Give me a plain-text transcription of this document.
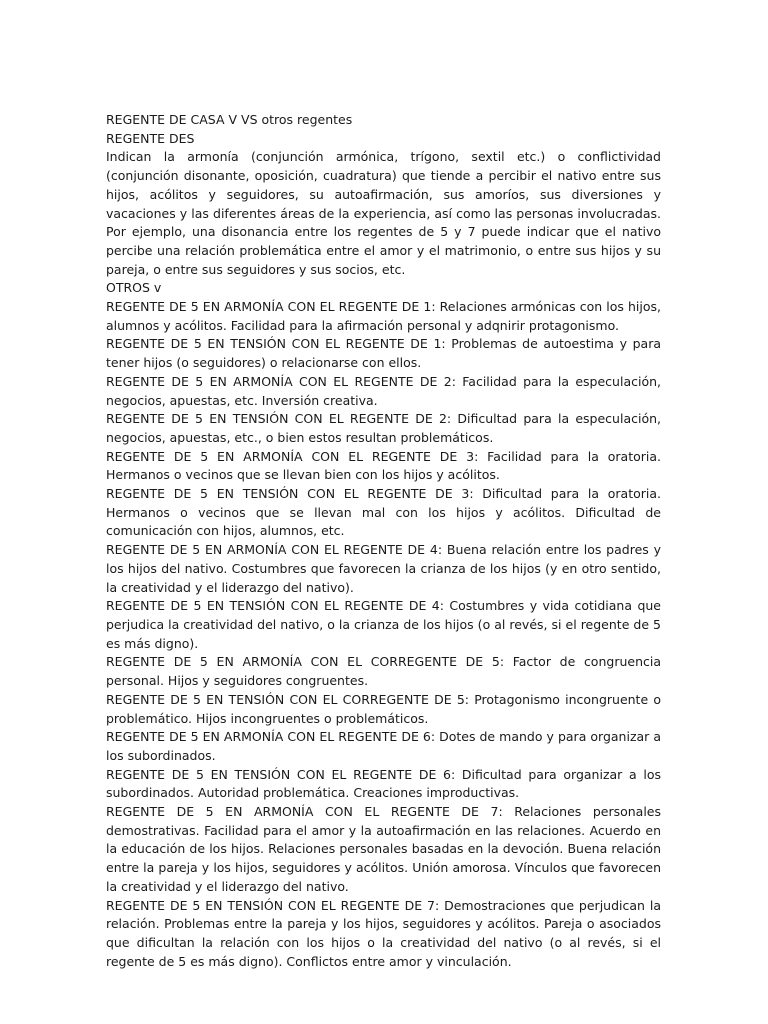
REGENTE DE CASA V VS otros regentes
REGENTE DES
Indican la armonía (conjunción armónica, trígono, sextil etc.) o conflictividad (conjunción disonante, oposición, cuadratura) que tiende a percibir el nativo entre sus hijos, acólitos y seguidores, su autoafirmación, sus amoríos, sus diversiones y vacaciones y las diferentes áreas de la experiencia, así como las personas involucradas. Por ejemplo, una disonancia entre los regentes de 5 y 7 puede indicar que el nativo percibe una relación problemática entre el amor y el matrimonio, o entre sus hijos y su pareja, o entre sus seguidores y sus socios, etc.
OTROS v
REGENTE DE 5 EN ARMONÍA CON EL REGENTE DE 1: Relaciones armónicas con los hijos, alumnos y acólitos. Facilidad para la afirmación personal y adqnirir protagonismo.
REGENTE DE 5 EN TENSIÓN CON EL REGENTE DE 1: Problemas de autoestima y para tener hijos (o seguidores) o relacionarse con ellos.
REGENTE DE 5 EN ARMONÍA CON EL REGENTE DE 2: Facilidad para la especulación, negocios, apuestas, etc. Inversión creativa.
REGENTE DE 5 EN TENSIÓN CON EL REGENTE DE 2: Dificultad para la especulación, negocios, apuestas, etc., o bien estos resultan problemáticos.
REGENTE DE 5 EN ARMONÍA CON EL REGENTE DE 3: Facilidad para la oratoria. Hermanos o vecinos que se llevan bien con los hijos y acólitos.
REGENTE DE 5 EN TENSIÓN CON EL REGENTE DE 3: Dificultad para la oratoria. Hermanos o vecinos que se llevan mal con los hijos y acólitos. Dificultad de comunicación con hijos, alumnos, etc.
REGENTE DE 5 EN ARMONÍA CON EL REGENTE DE 4: Buena relación entre los padres y los hijos del nativo. Costumbres que favorecen la crianza de los hijos (y en otro sentido, la creatividad y el liderazgo del nativo).
REGENTE DE 5 EN TENSIÓN CON EL REGENTE DE 4: Costumbres y vida cotidiana que perjudica la creatividad del nativo, o la crianza de los hijos (o al revés, si el regente de 5 es más digno).
REGENTE DE 5 EN ARMONÍA CON EL CORREGENTE DE 5: Factor de congruencia personal. Hijos y seguidores congruentes.
REGENTE DE 5 EN TENSIÓN CON EL CORREGENTE DE 5: Protagonismo incongruente o problemático. Hijos incongruentes o problemáticos.
REGENTE DE 5 EN ARMONÍA CON EL REGENTE DE 6: Dotes de mando y para organizar a los subordinados.
REGENTE DE 5 EN TENSIÓN CON EL REGENTE DE 6: Dificultad para organizar a los subordinados. Autoridad problemática. Creaciones improductivas.
REGENTE DE 5 EN ARMONÍA CON EL REGENTE DE 7: Relaciones personales demostrativas. Facilidad para el amor y la autoafirmación en las relaciones. Acuerdo en la educación de los hijos. Relaciones personales basadas en la devoción. Buena relación entre la pareja y los hijos, seguidores y acólitos. Unión amorosa. Vínculos que favorecen la creatividad y el liderazgo del nativo.
REGENTE DE 5 EN TENSIÓN CON EL REGENTE DE 7: Demostraciones que perjudican la relación. Problemas entre la pareja y los hijos, seguidores y acólitos. Pareja o asociados que dificultan la relación con los hijos o la creatividad del nativo (o al revés, si el regente de 5 es más digno). Conflictos entre amor y vinculación.
